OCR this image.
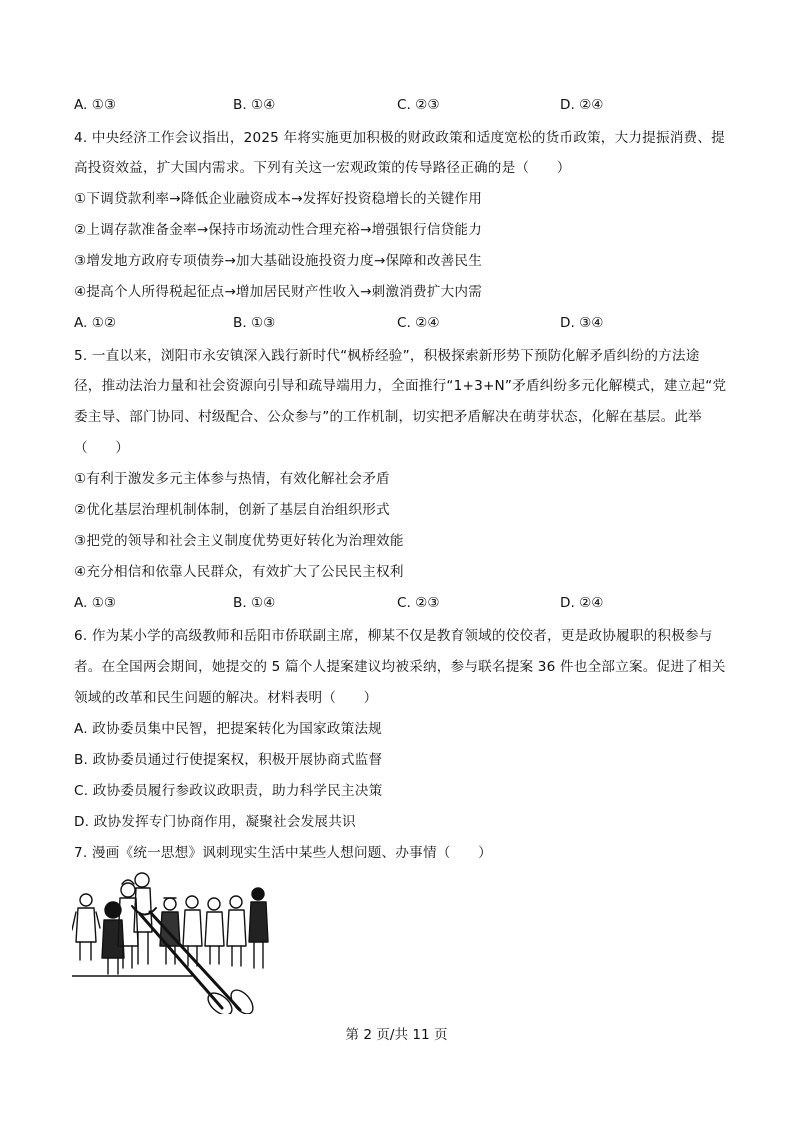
A. ①③	B. ①④	C. ②③	D. ②④
4. 中央经济工作会议指出，2025 年将实施更加积极的财政政策和适度宽松的货币政策，大力提振消费、提
高投资效益，扩大国内需求。下列有关这一宏观政策的传导路径正确的是（　　）
①下调贷款利率→降低企业融资成本→发挥好投资稳增长的关键作用
②上调存款准备金率→保持市场流动性合理充裕→增强银行信贷能力
③增发地方政府专项债券→加大基础设施投资力度→保障和改善民生
④提高个人所得税起征点→增加居民财产性收入→刺激消费扩大内需
A. ①②	B. ①③	C. ②④	D. ③④
5. 一直以来，浏阳市永安镇深入践行新时代“枫桥经验”，积极探索新形势下预防化解矛盾纠纷的方法途
径，推动法治力量和社会资源向引导和疏导端用力，全面推行“1+3+N”矛盾纠纷多元化解模式，建立起“党
委主导、部门协同、村级配合、公众参与”的工作机制，切实把矛盾解决在萌芽状态，化解在基层。此举
（　　）
①有利于激发多元主体参与热情，有效化解社会矛盾
②优化基层治理机制体制，创新了基层自治组织形式
③把党的领导和社会主义制度优势更好转化为治理效能
④充分相信和依靠人民群众，有效扩大了公民民主权利
A. ①③	B. ①④	C. ②③	D. ②④
6. 作为某小学的高级教师和岳阳市侨联副主席，柳某不仅是教育领域的佼佼者，更是政协履职的积极参与
者。在全国两会期间，她提交的 5 篇个人提案建议均被采纳，参与联名提案 36 件也全部立案。促进了相关
领域的改革和民生问题的解决。材料表明（　　）
A. 政协委员集中民智，把提案转化为国家政策法规
B. 政协委员通过行使提案权，积极开展协商式监督
C. 政协委员履行参政议政职责，助力科学民主决策
D. 政协发挥专门协商作用，凝聚社会发展共识
7. 漫画《统一思想》讽刺现实生活中某些人想问题、办事情（　　）
第 2 页/共 11 页
